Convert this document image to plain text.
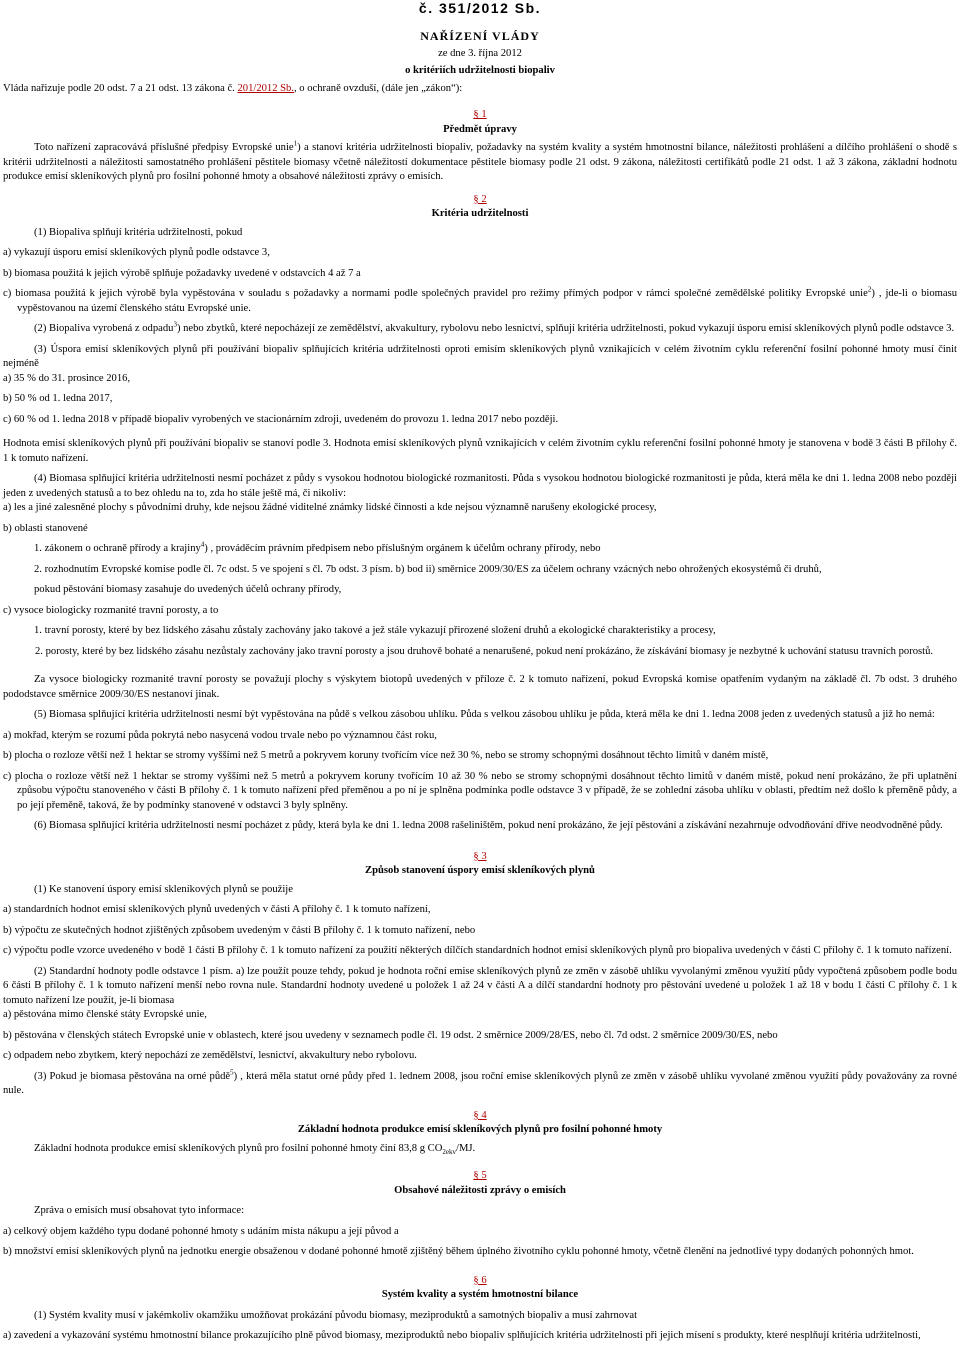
č. 351/2012 Sb.
NAŘÍZENÍ VLÁDY
ze dne 3. října 2012
o kritériích udržitelnosti biopaliv
Vláda nařizuje podle 20 odst. 7 a 21 odst. 13 zákona č. 201/2012 Sb., o ochraně ovzduší, (dále jen „zákon“):
§ 1
Předmět úpravy
Toto nařízení zapracovává příslušné předpisy Evropské unie$^1$) a stanoví kritéria udržitelnosti biopaliv, požadavky na systém kvality a systém hmotnostní bilance, náležitosti prohlášení a dílčího prohlášení o shodě s kritérii udržitelnosti a náležitosti samostatného prohlášení pěstitele biomasy včetně náležitostí dokumentace pěstitele biomasy podle 21 odst. 9 zákona, náležitosti certifikátů podle 21 odst. 1 až 3 zákona, základní hodnotu produkce emisí skleníkových plynů pro fosilní pohonné hmoty a obsahové náležitosti zprávy o emisích.
§ 2
Kritéria udržitelnosti
(1) Biopaliva splňují kritéria udržitelnosti, pokud
a) vykazují úsporu emisí skleníkových plynů podle odstavce 3,
b) biomasa použitá k jejich výrobě splňuje požadavky uvedené v odstavcích 4 až 7 a
c) biomasa použitá k jejich výrobě byla vypěstována v souladu s požadavky a normami podle společných pravidel pro režimy přímých podpor v rámci společné zemědělské politiky Evropské unie$^2$) , jde-li o biomasu vypěstovanou na území členského státu Evropské unie.
(2) Biopaliva vyrobená z odpadu$^3$) nebo zbytků, které nepocházejí ze zemědělství, akvakultury, rybolovu nebo lesnictví, splňují kritéria udržitelnosti, pokud vykazují úsporu emisí skleníkových plynů podle odstavce 3.
(3) Úspora emisí skleníkových plynů při používání biopaliv splňujících kritéria udržitelnosti oproti emisím skleníkových plynů vznikajících v celém životním cyklu referenční fosilní pohonné hmoty musí činit nejméně
a) 35 % do 31. prosince 2016,
b) 50 % od 1. ledna 2017,
c) 60 % od 1. ledna 2018 v případě biopaliv vyrobených ve stacionárním zdroji, uvedeném do provozu 1. ledna 2017 nebo později.
Hodnota emisí skleníkových plynů při používání biopaliv se stanoví podle 3. Hodnota emisí skleníkových plynů vznikajících v celém životním cyklu referenční fosilní pohonné hmoty je stanovena v bodě 3 části B přílohy č. 1 k tomuto nařízení.
(4) Biomasa splňující kritéria udržitelnosti nesmí pocházet z půdy s vysokou hodnotou biologické rozmanitosti. Půda s vysokou hodnotou biologické rozmanitosti je půda, která měla ke dni 1. ledna 2008 nebo později jeden z uvedených statusů a to bez ohledu na to, zda ho stále ještě má, či nikoliv:
a) les a jiné zalesněné plochy s původními druhy, kde nejsou žádné viditelné známky lidské činnosti a kde nejsou významně narušeny ekologické procesy,
b) oblasti stanovené
1. zákonem o ochraně přírody a krajiny$^4$) , prováděcím právním předpisem nebo příslušným orgánem k účelům ochrany přírody, nebo
2. rozhodnutím Evropské komise podle čl. 7c odst. 5 ve spojení s čl. 7b odst. 3 písm. b) bod ii) směrnice 2009/30/ES za účelem ochrany vzácných nebo ohrožených ekosystémů či druhů,
pokud pěstování biomasy zasahuje do uvedených účelů ochrany přírody,
c) vysoce biologicky rozmanité travní porosty, a to
1. travní porosty, které by bez lidského zásahu zůstaly zachovány jako takové a jež stále vykazují přirozené složení druhů a ekologické charakteristiky a procesy,
2. porosty, které by bez lidského zásahu nezůstaly zachovány jako travní porosty a jsou druhově bohaté a nenarušené, pokud není prokázáno, že získávání biomasy je nezbytné k uchování statusu travních porostů.
Za vysoce biologicky rozmanité travní porosty se považují plochy s výskytem biotopů uvedených v příloze č. 2 k tomuto nařízení, pokud Evropská komise opatřením vydaným na základě čl. 7b odst. 3 druhého pododstavce směrnice 2009/30/ES nestanoví jinak.
(5) Biomasa splňující kritéria udržitelnosti nesmí být vypěstována na půdě s velkou zásobou uhlíku. Půda s velkou zásobou uhlíku je půda, která měla ke dni 1. ledna 2008 jeden z uvedených statusů a již ho nemá:
a) mokřad, kterým se rozumí půda pokrytá nebo nasycená vodou trvale nebo po významnou část roku,
b) plocha o rozloze větší než 1 hektar se stromy vyššími než 5 metrů a pokryvem koruny tvořícím více než 30 %, nebo se stromy schopnými dosáhnout těchto limitů v daném místě,
c) plocha o rozloze větší než 1 hektar se stromy vyššími než 5 metrů a pokryvem koruny tvořícím 10 až 30 % nebo se stromy schopnými dosáhnout těchto limitů v daném místě, pokud není prokázáno, že při uplatnění způsobu výpočtu stanoveného v části B přílohy č. 1 k tomuto nařízení před přeměnou a po ní je splněna podmínka podle odstavce 3 v případě, že se zohlední zásoba uhlíku v oblasti, předtím než došlo k přeměně půdy, a po její přeměně, taková, že by podmínky stanovené v odstavci 3 byly splněny.
(6) Biomasa splňující kritéria udržitelnosti nesmí pocházet z půdy, která byla ke dni 1. ledna 2008 rašeliništěm, pokud není prokázáno, že její pěstování a získávání nezahrnuje odvodňování dříve neodvodněné půdy.
§ 3
Způsob stanovení úspory emisí skleníkových plynů
(1) Ke stanovení úspory emisí skleníkových plynů se použije
a) standardních hodnot emisí skleníkových plynů uvedených v části A přílohy č. 1 k tomuto nařízení,
b) výpočtu ze skutečných hodnot zjištěných způsobem uvedeným v části B přílohy č. 1 k tomuto nařízení, nebo
c) výpočtu podle vzorce uvedeného v bodě 1 části B přílohy č. 1 k tomuto nařízení za použití některých dílčích standardních hodnot emisí skleníkových plynů pro biopaliva uvedených v části C přílohy č. 1 k tomuto nařízení.
(2) Standardní hodnoty podle odstavce 1 písm. a) lze použít pouze tehdy, pokud je hodnota roční emise skleníkových plynů ze změn v zásobě uhlíku vyvolanými změnou využití půdy vypočtená způsobem podle bodu 6 části B přílohy č. 1 k tomuto nařízení menší nebo rovna nule. Standardní hodnoty uvedené u položek 1 až 24 v části A a dílčí standardní hodnoty pro pěstování uvedené u položek 1 až 18 v bodu 1 části C přílohy č. 1 k tomuto nařízení lze použít, je-li biomasa
a) pěstována mimo členské státy Evropské unie,
b) pěstována v členských státech Evropské unie v oblastech, které jsou uvedeny v seznamech podle čl. 19 odst. 2 směrnice 2009/28/ES, nebo čl. 7d odst. 2 směrnice 2009/30/ES, nebo
c) odpadem nebo zbytkem, který nepochází ze zemědělství, lesnictví, akvakultury nebo rybolovu.
(3) Pokud je biomasa pěstována na orné půdě$^5$) , která měla statut orné půdy před 1. lednem 2008, jsou roční emise skleníkových plynů ze změn v zásobě uhlíku vyvolané změnou využití půdy považovány za rovné nule.
§ 4
Základní hodnota produkce emisí skleníkových plynů pro fosilní pohonné hmoty
Základní hodnota produkce emisí skleníkových plynů pro fosilní pohonné hmoty činí 83,8 g $CO_{2ekv}/MJ$.
§ 5
Obsahové náležitosti zprávy o emisích
Zpráva o emisích musí obsahovat tyto informace:
a) celkový objem každého typu dodané pohonné hmoty s udáním místa nákupu a její původ a
b) množství emisí skleníkových plynů na jednotku energie obsaženou v dodané pohonné hmotě zjištěný během úplného životního cyklu pohonné hmoty, včetně členění na jednotlivé typy dodaných pohonných hmot.
§ 6
Systém kvality a systém hmotnostní bilance
(1) Systém kvality musí v jakémkoliv okamžiku umožňovat prokázání původu biomasy, meziproduktů a samotných biopaliv a musí zahrnovat
a) zavedení a vykazování systému hmotnostní bilance prokazujícího plně původ biomasy, meziproduktů nebo biopaliv splňujících kritéria udržitelnosti při jejich mísení s produkty, které nesplňují kritéria udržitelnosti,
